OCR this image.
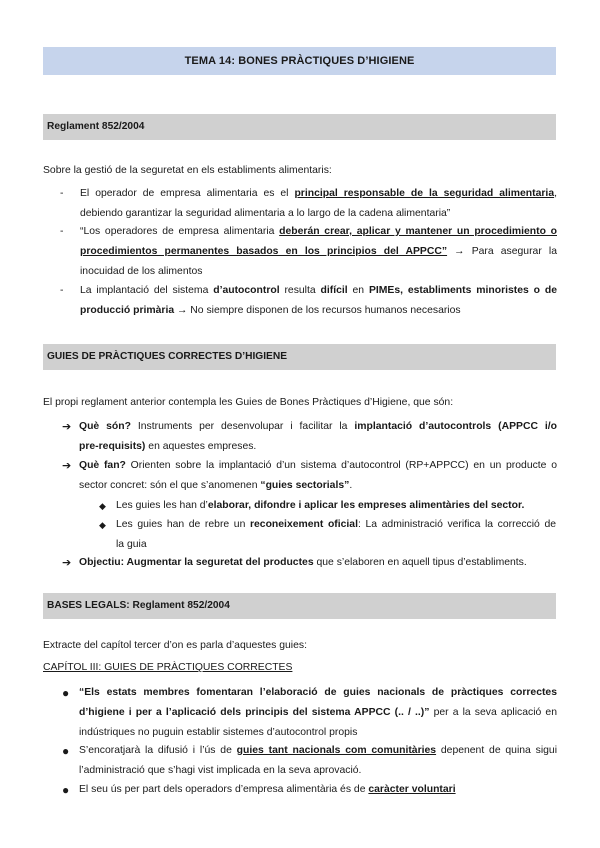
TEMA 14: BONES PRÀCTIQUES D’HIGIENE
Reglament 852/2004
Sobre la gestió de la seguretat en els establiments alimentaris:
- El operador de empresa alimentaria es el principal responsable de la seguridad alimentaria,
debiendo garantizar la seguridad alimentaria a lo largo de la cadena alimentaria”
- “Los operadores de empresa alimentaria deberán crear, aplicar y mantener un procedimiento o
procedimientos permanentes basados en los principios del APPCC” → Para asegurar la
inocuidad de los alimentos
- La implantació del sistema d’autocontrol resulta difícil en PIMEs, establiments minoristes o de
producció primària → No siempre disponen de los recursos humanos necesarios
GUIES DE PRÀCTIQUES CORRECTES D’HIGIENE
El propi reglament anterior contempla les Guies de Bones Pràctiques d’Higiene, que són:
➔ Què són? Instruments per desenvolupar i facilitar la implantació d’autocontrols (APPCC i/o
pre-requisits) en aquestes empreses.
➔ Què fan? Orienten sobre la implantació d’un sistema d’autocontrol (RP+APPCC) en un producte o
sector concret: són el que s’anomenen “guies sectorials”.
◆ Les guies les han d’elaborar, difondre i aplicar les empreses alimentàries del sector.
◆ Les guies han de rebre un reconeixement oficial: La administració verifica la correcció de
la guia
➔ Objectiu: Augmentar la seguretat del productes que s’elaboren en aquell tipus d’establiments.
BASES LEGALS: Reglament 852/2004
Extracte del capítol tercer d’on es parla d’aquestes guies:
CAPÍTOL III: GUIES DE PRÀCTIQUES CORRECTES
● “Els estats membres fomentaran l’elaboració de guies nacionals de pràctiques correctes
d’higiene i per a l’aplicació dels principis del sistema APPCC (.. / ..)” per a la seva aplicació en
indústriques no puguin establir sistemes d’autocontrol propis
● S’encoratjarà la difusió i l’ús de guies tant nacionals com comunitàries depenent de quina sigui
l’administració que s’hagi vist implicada en la seva aprovació.
● El seu ús per part dels operadors d’empresa alimentària és de caràcter voluntari
